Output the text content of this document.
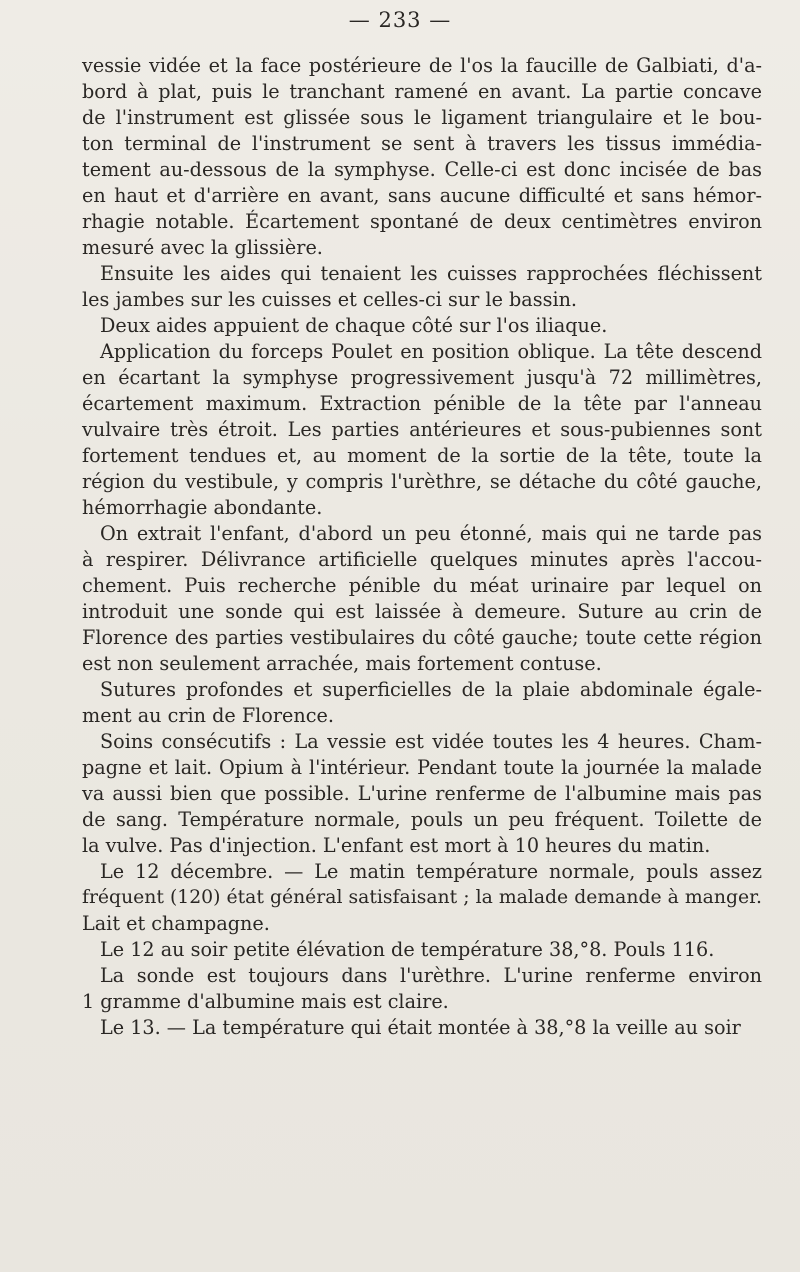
— 233 —
vessie vidée et la face postérieure de l'os la faucille de Galbiati, d'a-
bord à plat, puis le tranchant ramené en avant. La partie concave
de l'instrument est glissée sous le ligament triangulaire et le bou-
ton terminal de l'instrument se sent à travers les tissus immédia-
tement au-dessous de la symphyse. Celle-ci est donc incisée de bas
en haut et d'arrière en avant, sans aucune difficulté et sans hémor-
rhagie notable. Écartement spontané de deux centimètres environ
mesuré avec la glissière.
Ensuite les aides qui tenaient les cuisses rapprochées fléchissent
les jambes sur les cuisses et celles-ci sur le bassin.
Deux aides appuient de chaque côté sur l'os iliaque.
Application du forceps Poulet en position oblique. La tête descend
en écartant la symphyse progressivement jusqu'à 72 millimètres,
écartement maximum. Extraction pénible de la tête par l'anneau
vulvaire très étroit. Les parties antérieures et sous-pubiennes sont
fortement tendues et, au moment de la sortie de la tête, toute la
région du vestibule, y compris l'urèthre, se détache du côté gauche,
hémorrhagie abondante.
On extrait l'enfant, d'abord un peu étonné, mais qui ne tarde pas
à respirer. Délivrance artificielle quelques minutes après l'accou-
chement. Puis recherche pénible du méat urinaire par lequel on
introduit une sonde qui est laissée à demeure. Suture au crin de
Florence des parties vestibulaires du côté gauche; toute cette région
est non seulement arrachée, mais fortement contuse.
Sutures profondes et superficielles de la plaie abdominale égale-
ment au crin de Florence.
Soins consécutifs : La vessie est vidée toutes les 4 heures. Cham-
pagne et lait. Opium à l'intérieur. Pendant toute la journée la malade
va aussi bien que possible. L'urine renferme de l'albumine mais pas
de sang. Température normale, pouls un peu fréquent. Toilette de
la vulve. Pas d'injection. L'enfant est mort à 10 heures du matin.
Le 12 décembre. — Le matin température normale, pouls assez
fréquent (120) état général satisfaisant ; la malade demande à manger.
Lait et champagne.
Le 12 au soir petite élévation de température 38,°8. Pouls 116.
La sonde est toujours dans l'urèthre. L'urine renferme environ
1 gramme d'albumine mais est claire.
Le 13. — La température qui était montée à 38,°8 la veille au soir
